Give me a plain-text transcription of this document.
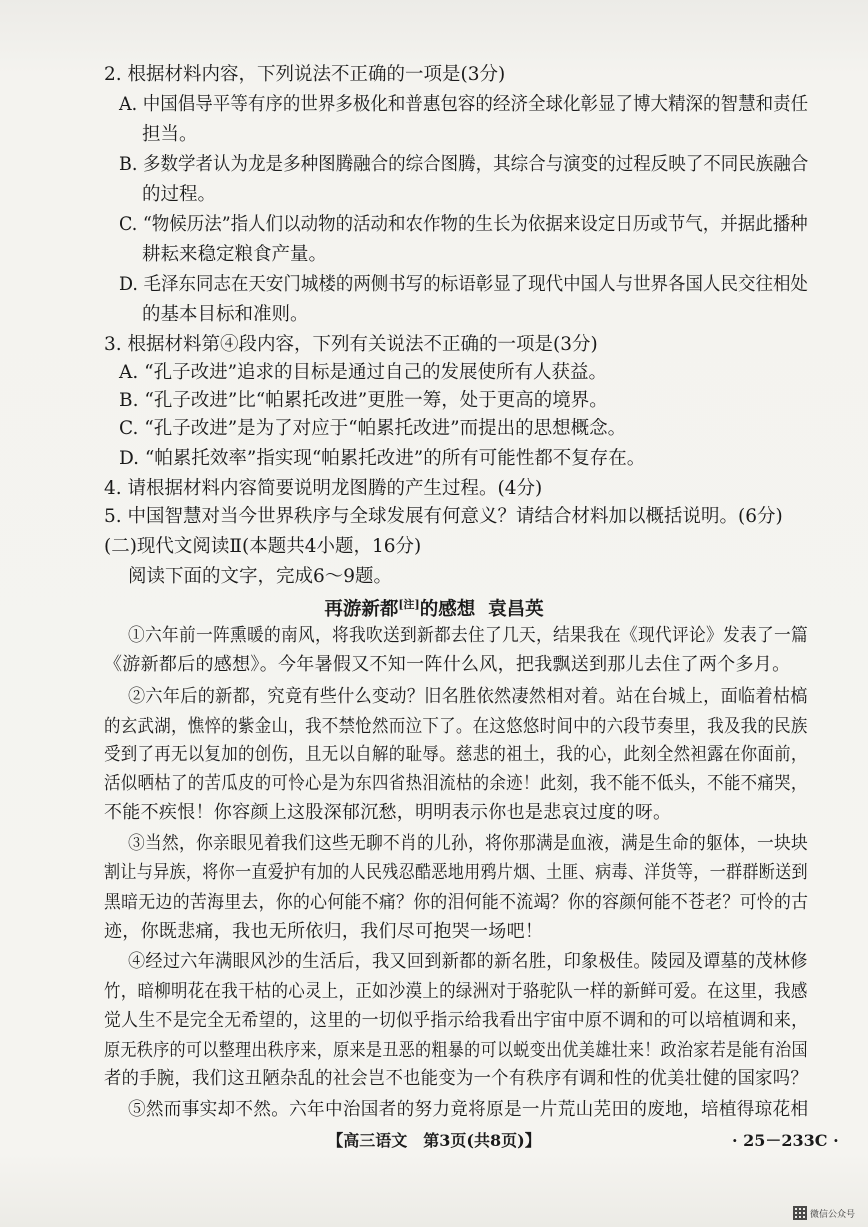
2. 根据材料内容，下列说法不正确的一项是(3分)
A. 中国倡导平等有序的世界多极化和普惠包容的经济全球化彰显了博大精深的智慧和责任
担当。
B. 多数学者认为龙是多种图腾融合的综合图腾，其综合与演变的过程反映了不同民族融合
的过程。
C. “物候历法”指人们以动物的活动和农作物的生长为依据来设定日历或节气，并据此播种
耕耘来稳定粮食产量。
D. 毛泽东同志在天安门城楼的两侧书写的标语彰显了现代中国人与世界各国人民交往相处
的基本目标和准则。
3. 根据材料第④段内容，下列有关说法不正确的一项是(3分)
A. “孔子改进”追求的目标是通过自己的发展使所有人获益。
B. “孔子改进”比“帕累托改进”更胜一筹，处于更高的境界。
C. “孔子改进”是为了对应于“帕累托改进”而提出的思想概念。
D. “帕累托效率”指实现“帕累托改进”的所有可能性都不复存在。
4. 请根据材料内容简要说明龙图腾的产生过程。(4分)
5. 中国智慧对当今世界秩序与全球发展有何意义？请结合材料加以概括说明。(6分)
(二)现代文阅读Ⅱ(本题共4小题，16分)
阅读下面的文字，完成6～9题。
再游新都[注]的感想 袁昌英
①六年前一阵熏暖的南风，将我吹送到新都去住了几天，结果我在《现代评论》发表了一篇
《游新都后的感想》。今年暑假又不知一阵什么风，把我飘送到那儿去住了两个多月。
②六年后的新都，究竟有些什么变动？旧名胜依然凄然相对着。站在台城上，面临着枯槁
的玄武湖，憔悴的紫金山，我不禁怆然而泣下了。在这悠悠时间中的六段节奏里，我及我的民族
受到了再无以复加的创伤，且无以自解的耻辱。慈悲的祖土，我的心，此刻全然袒露在你面前，
活似晒枯了的苦瓜皮的可怜心是为东四省热泪流枯的余迹！此刻，我不能不低头，不能不痛哭，
不能不疾恨！你容颜上这股深郁沉愁，明明表示你也是悲哀过度的呀。
③当然，你亲眼见着我们这些无聊不肖的儿孙，将你那满是血液，满是生命的躯体，一块块
割让与异族，将你一直爱护有加的人民残忍酷恶地用鸦片烟、土匪、病毒、洋货等，一群群断送到
黑暗无边的苦海里去，你的心何能不痛？你的泪何能不流竭？你的容颜何能不苍老？可怜的古
迹，你既悲痛，我也无所依归，我们尽可抱哭一场吧！
④经过六年满眼风沙的生活后，我又回到新都的新名胜，印象极佳。陵园及谭墓的茂林修
竹，暗柳明花在我干枯的心灵上，正如沙漠上的绿洲对于骆驼队一样的新鲜可爱。在这里，我感
觉人生不是完全无希望的，这里的一切似乎指示给我看出宇宙中原不调和的可以培植调和来，
原无秩序的可以整理出秩序来，原来是丑恶的粗暴的可以蜕变出优美雄壮来！政治家若是能有治国
者的手腕，我们这丑陋杂乱的社会岂不也能变为一个有秩序有调和性的优美壮健的国家吗？
⑤然而事实却不然。六年中治国者的努力竟将原是一片荒山芜田的废地，培植得琼花相
【高三语文　第3页(共8页)】	· 25－233C ·
微信公众号
